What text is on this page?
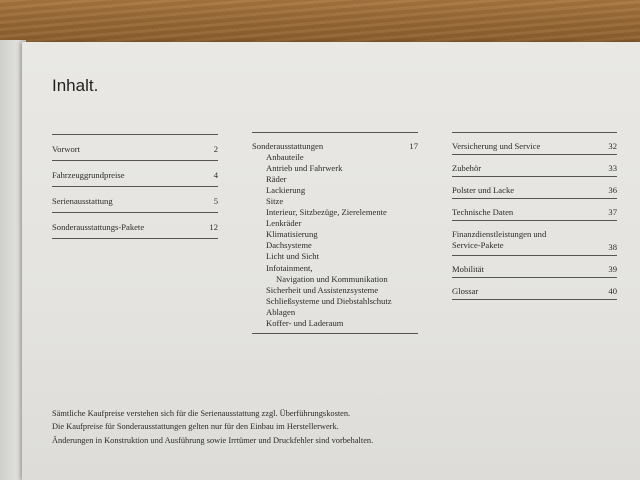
Inhalt.
Vorwort	2
Fahrzeuggrundpreise	4
Serienausstattung	5
Sonderausstattungs-Pakete	12
Sonderausstattungen	17
Anbauteile
Antrieb und Fahrwerk
Räder
Lackierung
Sitze
Interieur, Sitzbezüge, Zierelemente
Lenkräder
Klimatisierung
Dachsysteme
Licht und Sicht
Infotainment,
Navigation und Kommunikation
Sicherheit und Assistenzsysteme
Schließsysteme und Diebstahlschutz
Ablagen
Koffer- und Laderaum
Versicherung und Service	32
Zubehör	33
Polster und Lacke	36
Technische Daten	37
Finanzdienstleistungen und
Service-Pakete	38
Mobilität	39
Glossar	40
Sämtliche Kaufpreise verstehen sich für die Serienausstattung zzgl. Überführungskosten.
Die Kaufpreise für Sonderausstattungen gelten nur für den Einbau im Herstellerwerk.
Änderungen in Konstruktion und Ausführung sowie Irrtümer und Druckfehler sind vorbehalten.
